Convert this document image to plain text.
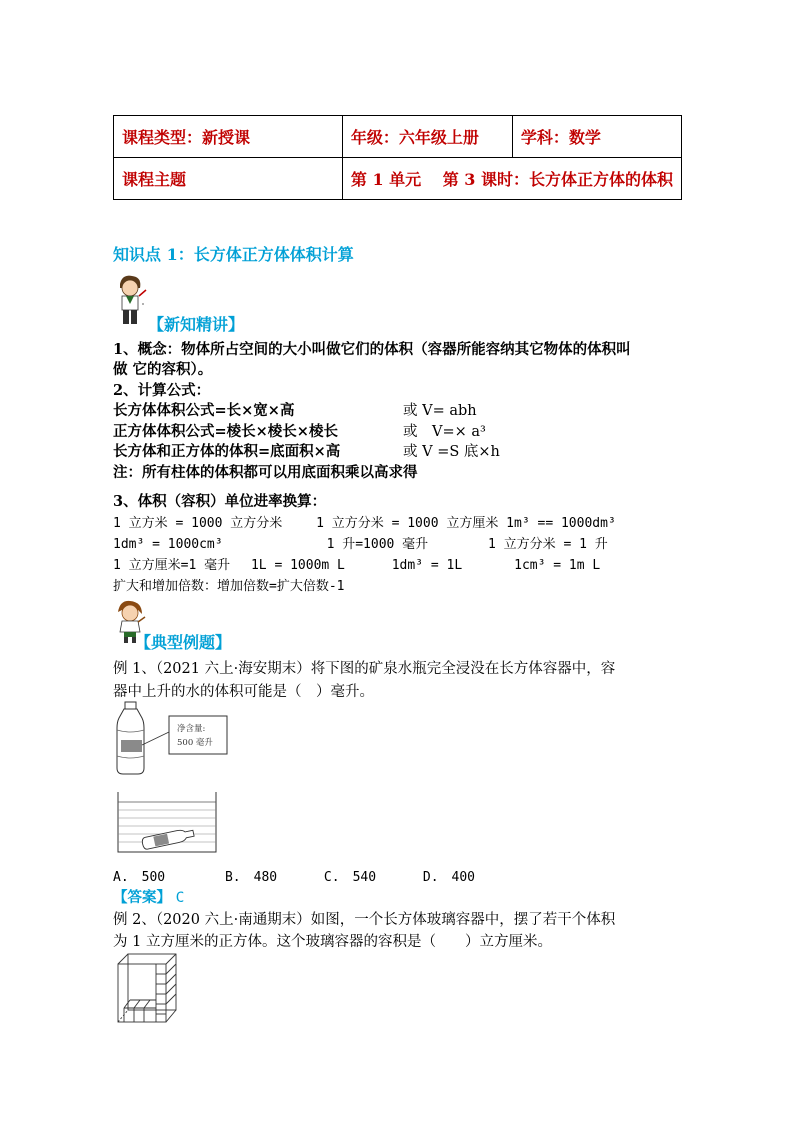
课程类型：新授课	年级：六年级上册	学科：数学
课程主题	第 1 单元　 第 3 课时：长方体正方体的体积	
知识点 1：长方体正方体体积计算
【新知精讲】
1、概念：物体所占空间的大小叫做它们的体积（容器所能容纳其它物体的体积叫
做 它的容积）。
2、计算公式：
长方体体积公式=长×宽×高	或 V= abh
正方体体积公式=棱长×棱长×棱长	或　V=× a³
长方体和正方体的体积=底面积×高	或 V =S 底×h
注：所有柱体的体积都可以用底面积乘以高求得
3、体积（容积）单位进率换算：
1 立方米 = 1000 立方分米　　 1 立方分米 = 1000 立方厘米 1m³ == 1000dm³
1dm³ = 1000cm³　　　　　　　　1 升=1000 毫升　　　　 1 立方分米 = 1 升
1 立方厘米=1 毫升　 1L = 1000m L　　　 1dm³ = 1L　　　　1cm³ = 1m L
扩大和增加倍数：增加倍数=扩大倍数-1
【典型例题】
例 1、（2021 六上·海安期末）将下图的矿泉水瓶完全浸没在长方体容器中，容
器中上升的水的体积可能是（　）毫升。
净含量:
500 毫升
A.　500　　　　 B.　480　　　 C.　540　　　 D.　400
【答案】 C
例 2、（2020 六上·南通期末）如图，一个长方体玻璃容器中，摆了若干个体积
为 1 立方厘米的正方体。这个玻璃容器的容积是（　　）立方厘米。
